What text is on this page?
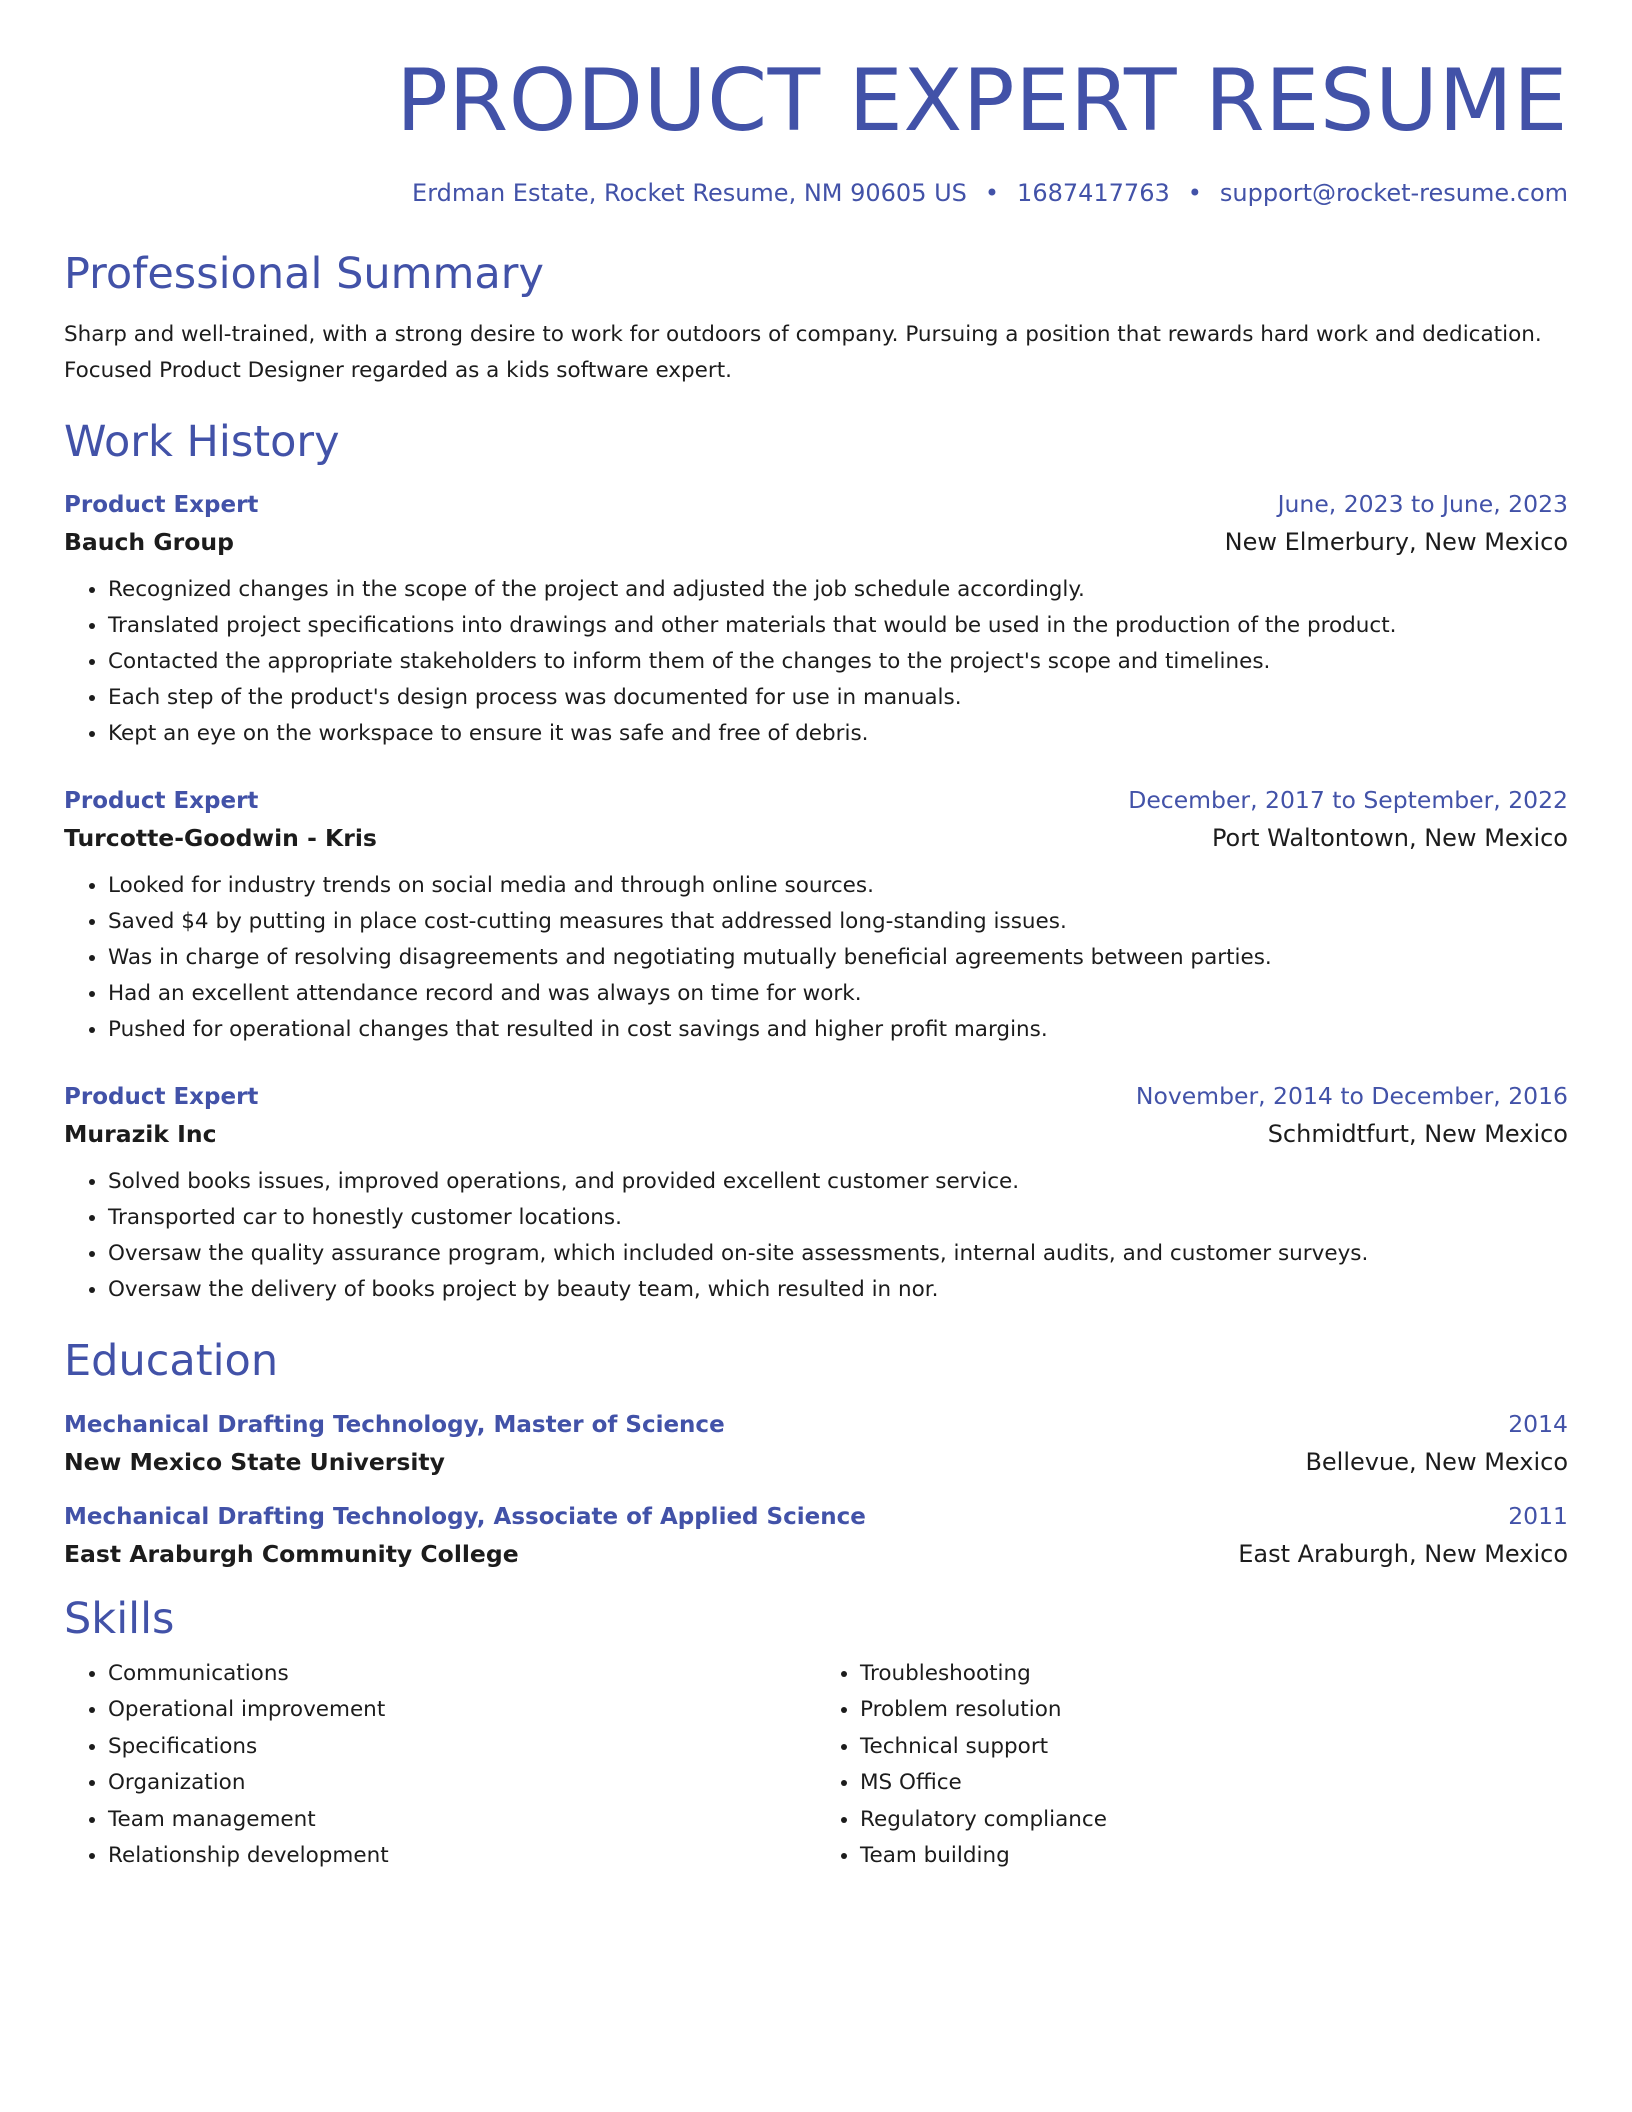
PRODUCT EXPERT RESUME
Erdman Estate, Rocket Resume, NM 90605 US • 1687417763 • support@rocket-resume.com
Professional Summary
Sharp and well-trained, with a strong desire to work for outdoors of company. Pursuing a position that rewards hard work and dedication. Focused Product Designer regarded as a kids software expert.
Work History
Product Expert	June, 2023 to June, 2023
Bauch Group	New Elmerbury, New Mexico
• Recognized changes in the scope of the project and adjusted the job schedule accordingly.
• Translated project specifications into drawings and other materials that would be used in the production of the product.
• Contacted the appropriate stakeholders to inform them of the changes to the project's scope and timelines.
• Each step of the product's design process was documented for use in manuals.
• Kept an eye on the workspace to ensure it was safe and free of debris.
Product Expert	December, 2017 to September, 2022
Turcotte-Goodwin - Kris	Port Waltontown, New Mexico
• Looked for industry trends on social media and through online sources.
• Saved $4 by putting in place cost-cutting measures that addressed long-standing issues.
• Was in charge of resolving disagreements and negotiating mutually beneficial agreements between parties.
• Had an excellent attendance record and was always on time for work.
• Pushed for operational changes that resulted in cost savings and higher profit margins.
Product Expert	November, 2014 to December, 2016
Murazik Inc	Schmidtfurt, New Mexico
• Solved books issues, improved operations, and provided excellent customer service.
• Transported car to honestly customer locations.
• Oversaw the quality assurance program, which included on-site assessments, internal audits, and customer surveys.
• Oversaw the delivery of books project by beauty team, which resulted in nor.
Education
Mechanical Drafting Technology, Master of Science	2014
New Mexico State University	Bellevue, New Mexico
Mechanical Drafting Technology, Associate of Applied Science	2011
East Araburgh Community College	East Araburgh, New Mexico
Skills
• Communications
• Operational improvement
• Specifications
• Organization
• Team management
• Relationship development
• Troubleshooting
• Problem resolution
• Technical support
• MS Office
• Regulatory compliance
• Team building
